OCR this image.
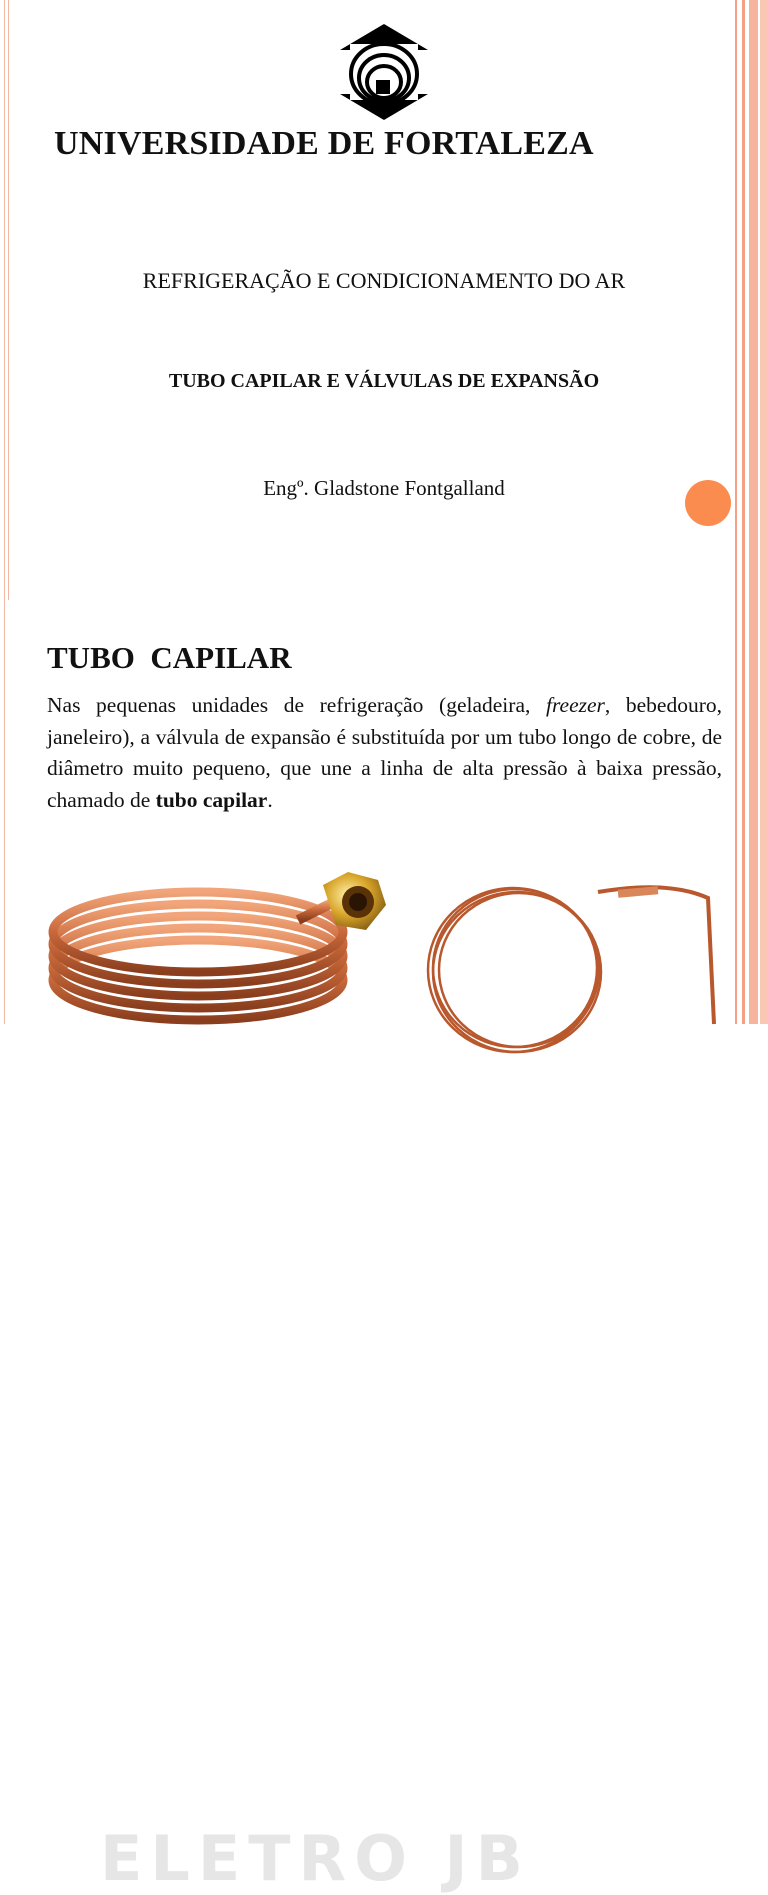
UNIVERSIDADE DE FORTALEZA

REFRIGERAÇÃO E CONDICIONAMENTO DO AR

TUBO CAPILAR E VÁLVULAS DE EXPANSÃO

Engº. Gladstone Fontgalland

TUBO  CAPILAR

Nas pequenas unidades de refrigeração (geladeira, freezer, bebedouro, janeleiro), a válvula de expansão é substituída por um tubo longo de cobre, de diâmetro muito pequeno, que une a linha de alta pressão à baixa pressão, chamado de tubo capilar.

ELETRO JB
